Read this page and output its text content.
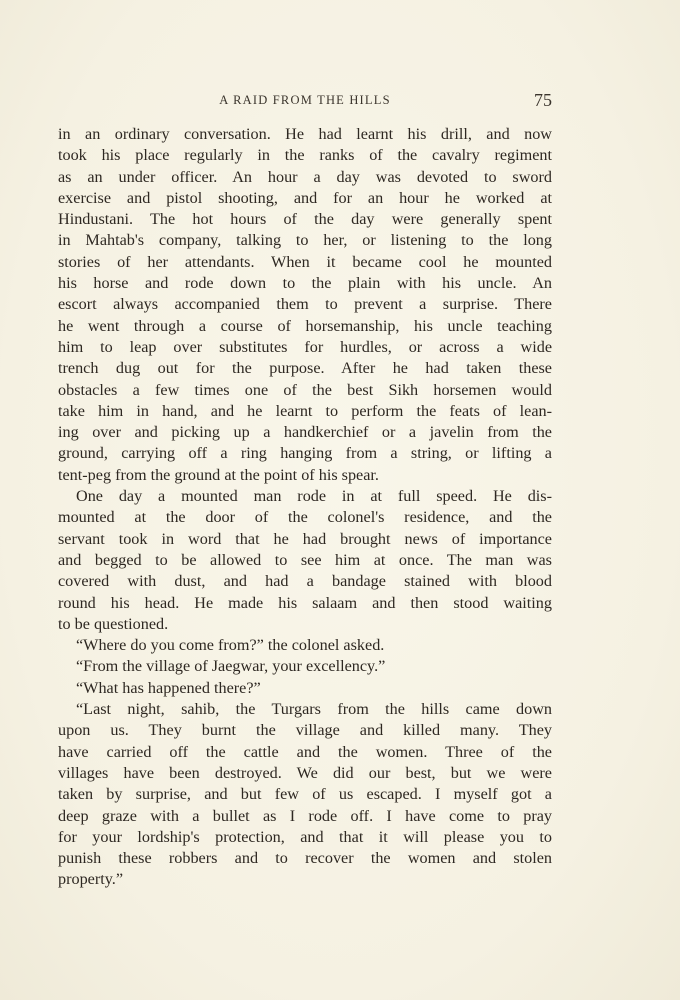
A RAID FROM THE HILLS	75
in an ordinary conversation. He had learnt his drill, and now
took his place regularly in the ranks of the cavalry regiment
as an under officer. An hour a day was devoted to sword
exercise and pistol shooting, and for an hour he worked at
Hindustani. The hot hours of the day were generally spent
in Mahtab's company, talking to her, or listening to the long
stories of her attendants. When it became cool he mounted
his horse and rode down to the plain with his uncle. An
escort always accompanied them to prevent a surprise. There
he went through a course of horsemanship, his uncle teaching
him to leap over substitutes for hurdles, or across a wide
trench dug out for the purpose. After he had taken these
obstacles a few times one of the best Sikh horsemen would
take him in hand, and he learnt to perform the feats of lean-
ing over and picking up a handkerchief or a javelin from the
ground, carrying off a ring hanging from a string, or lifting a
tent-peg from the ground at the point of his spear.
One day a mounted man rode in at full speed. He dis-
mounted at the door of the colonel's residence, and the
servant took in word that he had brought news of importance
and begged to be allowed to see him at once. The man was
covered with dust, and had a bandage stained with blood
round his head. He made his salaam and then stood waiting
to be questioned.
“Where do you come from?” the colonel asked.
“From the village of Jaegwar, your excellency.”
“What has happened there?”
“Last night, sahib, the Turgars from the hills came down
upon us. They burnt the village and killed many. They
have carried off the cattle and the women. Three of the
villages have been destroyed. We did our best, but we were
taken by surprise, and but few of us escaped. I myself got a
deep graze with a bullet as I rode off. I have come to pray
for your lordship's protection, and that it will please you to
punish these robbers and to recover the women and stolen
property.”
